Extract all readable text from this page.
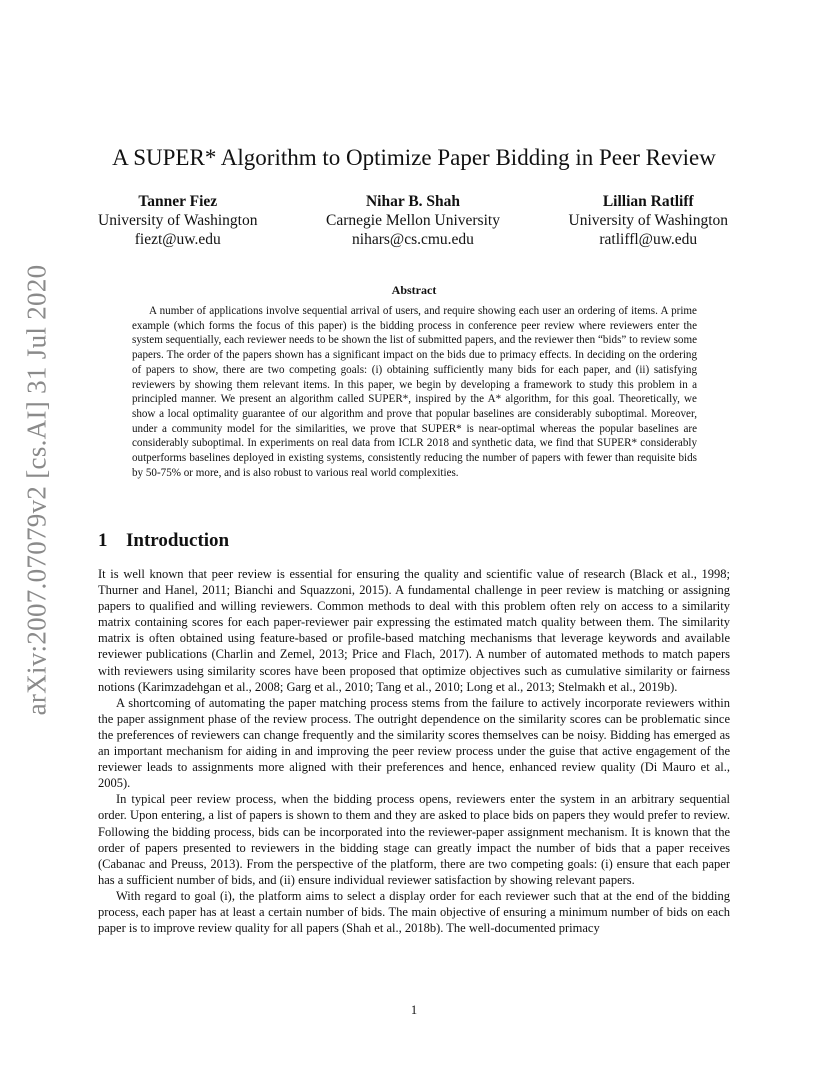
arXiv:2007.07079v2 [cs.AI] 31 Jul 2020
A SUPER* Algorithm to Optimize Paper Bidding in Peer Review
Tanner Fiez
University of Washington
fiezt@uw.edu
Nihar B. Shah
Carnegie Mellon University
nihars@cs.cmu.edu
Lillian Ratliff
University of Washington
ratliffl@uw.edu
Abstract

A number of applications involve sequential arrival of users, and require showing each user an ordering of items. A prime example (which forms the focus of this paper) is the bidding process in conference peer review where reviewers enter the system sequentially, each reviewer needs to be shown the list of submitted papers, and the reviewer then “bids” to review some papers. The order of the papers shown has a significant impact on the bids due to primacy effects. In deciding on the ordering of papers to show, there are two competing goals: (i) obtaining sufficiently many bids for each paper, and (ii) satisfying reviewers by showing them relevant items. In this paper, we begin by developing a framework to study this problem in a principled manner. We present an algorithm called SUPER*, inspired by the A* algorithm, for this goal. Theoretically, we show a local optimality guarantee of our algorithm and prove that popular baselines are considerably suboptimal. Moreover, under a community model for the similarities, we prove that SUPER* is near-optimal whereas the popular baselines are considerably suboptimal. In experiments on real data from ICLR 2018 and synthetic data, we find that SUPER* considerably outperforms baselines deployed in existing systems, consistently reducing the number of papers with fewer than requisite bids by 50-75% or more, and is also robust to various real world complexities.

1 Introduction

It is well known that peer review is essential for ensuring the quality and scientific value of research (Black et al., 1998; Thurner and Hanel, 2011; Bianchi and Squazzoni, 2015). A fundamental challenge in peer review is matching or assigning papers to qualified and willing reviewers. Common methods to deal with this problem often rely on access to a similarity matrix containing scores for each paper-reviewer pair expressing the estimated match quality between them. The similarity matrix is often obtained using feature-based or profile-based matching mechanisms that leverage keywords and available reviewer publications (Charlin and Zemel, 2013; Price and Flach, 2017). A number of automated methods to match papers with reviewers using similarity scores have been proposed that optimize objectives such as cumulative similarity or fairness notions (Karimzadehgan et al., 2008; Garg et al., 2010; Tang et al., 2010; Long et al., 2013; Stelmakh et al., 2019b).

A shortcoming of automating the paper matching process stems from the failure to actively incorporate reviewers within the paper assignment phase of the review process. The outright dependence on the similarity scores can be problematic since the preferences of reviewers can change frequently and the similarity scores themselves can be noisy. Bidding has emerged as an important mechanism for aiding in and improving the peer review process under the guise that active engagement of the reviewer leads to assignments more aligned with their preferences and hence, enhanced review quality (Di Mauro et al., 2005).

In typical peer review process, when the bidding process opens, reviewers enter the system in an arbitrary sequential order. Upon entering, a list of papers is shown to them and they are asked to place bids on papers they would prefer to review. Following the bidding process, bids can be incorporated into the reviewer-paper assignment mechanism. It is known that the order of papers presented to reviewers in the bidding stage can greatly impact the number of bids that a paper receives (Cabanac and Preuss, 2013). From the perspective of the platform, there are two competing goals: (i) ensure that each paper has a sufficient number of bids, and (ii) ensure individual reviewer satisfaction by showing relevant papers.

With regard to goal (i), the platform aims to select a display order for each reviewer such that at the end of the bidding process, each paper has at least a certain number of bids. The main objective of ensuring a minimum number of bids on each paper is to improve review quality for all papers (Shah et al., 2018b). The well-documented primacy

1
